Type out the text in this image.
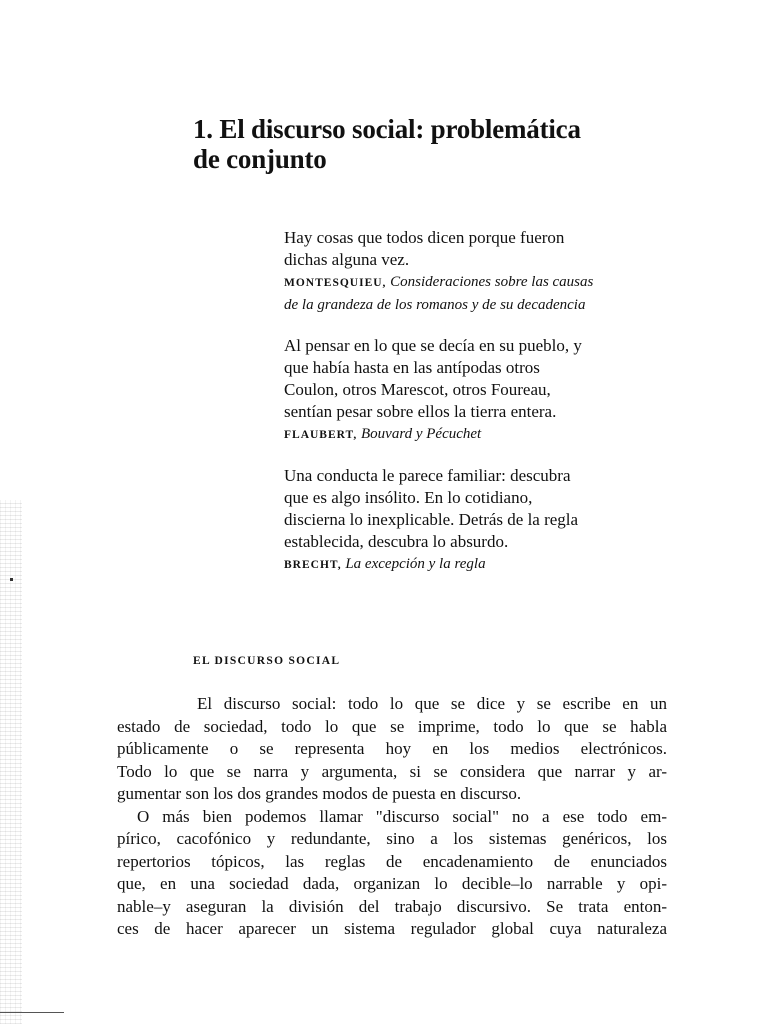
1. El discurso social: problemática
de conjunto
Hay cosas que todos dicen porque fueron
dichas alguna vez.
MONTESQUIEU, Consideraciones sobre las causas
de la grandeza de los romanos y de su decadencia
Al pensar en lo que se decía en su pueblo, y
que había hasta en las antípodas otros
Coulon, otros Marescot, otros Foureau,
sentían pesar sobre ellos la tierra entera.
FLAUBERT, Bouvard y Pécuchet
Una conducta le parece familiar: descubra
que es algo insólito. En lo cotidiano,
discierna lo inexplicable. Detrás de la regla
establecida, descubra lo absurdo.
BRECHT, La excepción y la regla
EL DISCURSO SOCIAL
El discurso social: todo lo que se dice y se escribe en un
estado de sociedad, todo lo que se imprime, todo lo que se habla
públicamente o se representa hoy en los medios electrónicos.
Todo lo que se narra y argumenta, si se considera que narrar y ar-
gumentar son los dos grandes modos de puesta en discurso.
O más bien podemos llamar "discurso social" no a ese todo em-
pírico, cacofónico y redundante, sino a los sistemas genéricos, los
repertorios tópicos, las reglas de encadenamiento de enunciados
que, en una sociedad dada, organizan lo decible–lo narrable y opi-
nable–y aseguran la división del trabajo discursivo. Se trata enton-
ces de hacer aparecer un sistema regulador global cuya naturaleza
